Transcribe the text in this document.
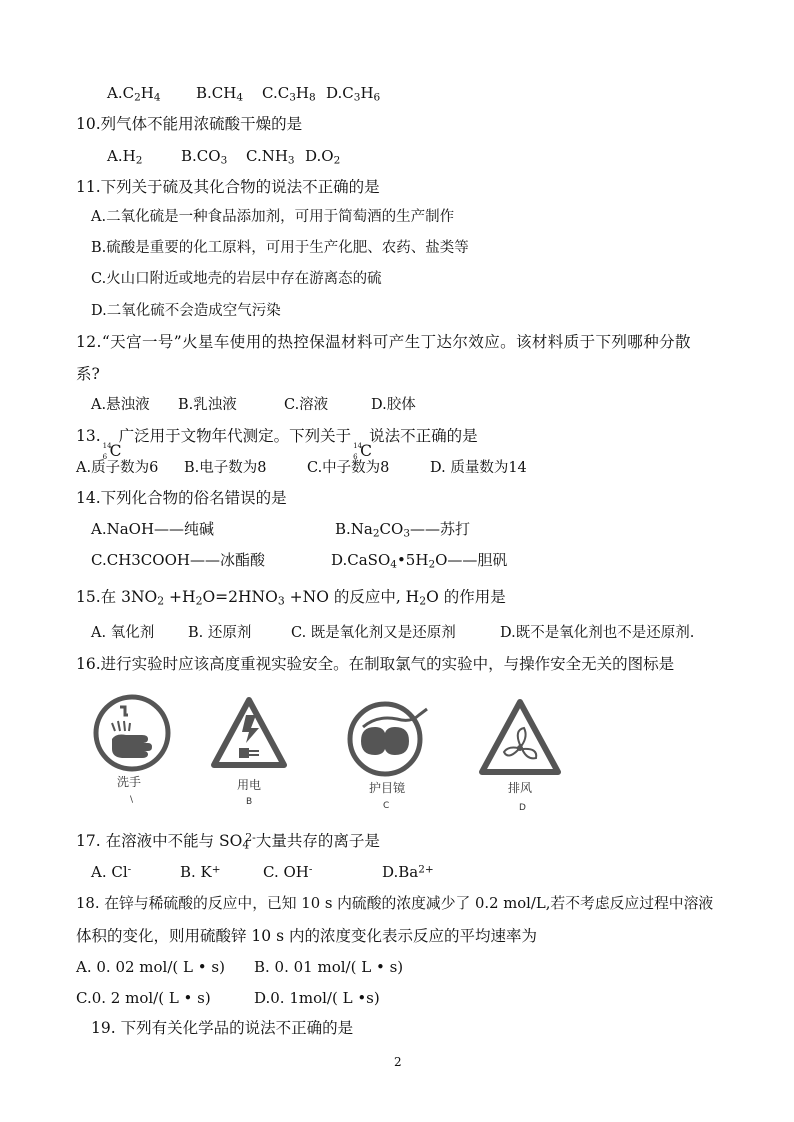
$A.C_2H_4$ $B.CH_4$ $C.C_3H_8$ $D.C_3H_6$
10.列气体不能用浓硫酸干燥的是
$A.H_2$	$B.CO_3$ $C.NH_3$ $D.O_2$
11.下列关于硫及其化合物的说法不正确的是
A.二氧化硫是一种食品添加剂，可用于简萄酒的生产制作
B.硫酸是重要的化工原料，可用于生产化肥、农药、盐类等
C.火山口附近或地壳的岩层中存在游离态的硫
D.二氧化硫不会造成空气污染
12.“天宫一号”火星车使用的热控保温材料可产生丁达尔效应。该材料质于下列哪种分散
系?
A.悬浊液 B.乳浊液	C.溶液	D.胶体
13.
14
6 C
广泛用于文物年代测定。下列关于
14
6 C
说法不正确的是
A.质子数为6 B.电子数为8	C.中子数为8	D. 质量数为14
14.下列化合物的俗名错误的是
A.NaOH——纯碱	$B.Na_2CO_3——$苏打
C.CH3COOH——冰酯酸	$D.CaSO_4•5H_2O——$胆矾
15.在 $3NO_2 +H_2O=2HNO_3 +NO$ 的反应中, $H_2O$ 的作用是
A. 氧化剂 B. 还原剂	C. 既是氧化剂又是还原剂	D.既不是氧化剂也不是还原剂.
16.进行实验时应该高度重视实验安全。在制取氯气的实验中，与操作安全无关的图标是
洗手
\
用电
B
护目镜
C
排风
D
17. 在溶液中不能与 $SO_4^{2-}$大量共存的离子是
A. Cl-	B. K+	C. OH-	$D.Ba^{2+}$
18. 在锌与稀硫酸的反应中，已知 10 s 内硫酸的浓度减少了 0.2 mol/L,若不考虑反应过程中溶液
体积的变化，则用硫酸锌 10 s 内的浓度变化表示反应的平均速率为
A. 0. 02 mol/( L • s) B. 0. 01 mol/( L • s)
C.0. 2 mol/( L • s)	D.0. 1mol/( L •s)
19. 下列有关化学品的说法不正确的是
2
